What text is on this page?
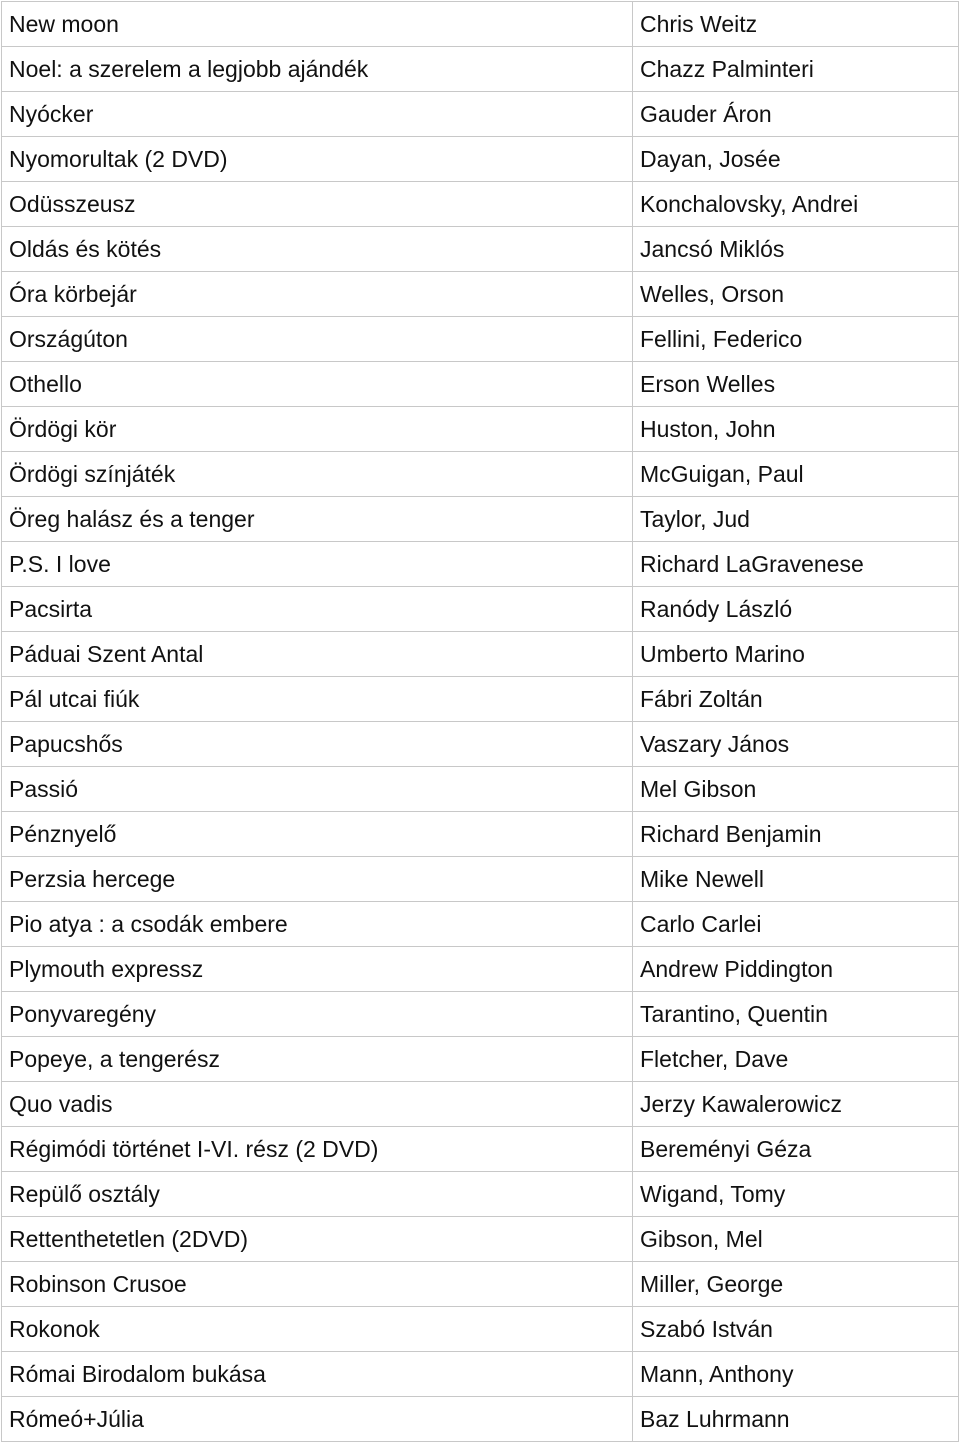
New moon	Chris Weitz
Noel: a szerelem a legjobb ajándék	Chazz Palminteri
Nyócker	Gauder Áron
Nyomorultak (2 DVD)	Dayan, Josée
Odüsszeusz	Konchalovsky, Andrei
Oldás és kötés	Jancsó Miklós
Óra körbejár	Welles, Orson
Országúton	Fellini, Federico
Othello	Erson Welles
Ördögi kör	Huston, John
Ördögi színjáték	McGuigan, Paul
Öreg halász és a tenger	Taylor, Jud
P.S. I love	Richard LaGravenese
Pacsirta	Ranódy László
Páduai Szent Antal	Umberto Marino
Pál utcai fiúk	Fábri Zoltán
Papucshős	Vaszary János
Passió	Mel Gibson
Pénznyelő	Richard Benjamin
Perzsia hercege	Mike Newell
Pio atya : a csodák embere	Carlo Carlei
Plymouth expressz	Andrew Piddington
Ponyvaregény	Tarantino, Quentin
Popeye, a tengerész	Fletcher, Dave
Quo vadis	Jerzy Kawalerowicz
Régimódi történet I-VI. rész (2 DVD)	Bereményi Géza
Repülő osztály	Wigand, Tomy
Rettenthetetlen (2DVD)	Gibson, Mel
Robinson Crusoe	Miller, George
Rokonok	Szabó István
Római Birodalom bukása	Mann, Anthony
Rómeó+Júlia	Baz Luhrmann
